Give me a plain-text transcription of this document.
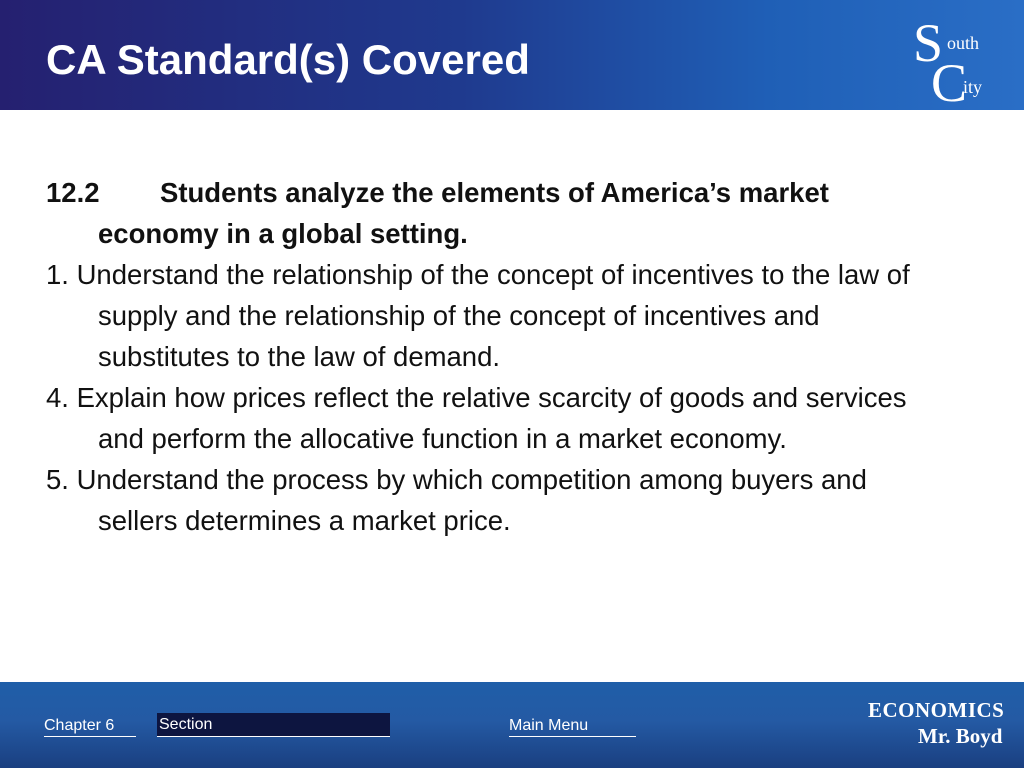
CA Standard(s) Covered	S outh
C
ity

12.2 Students analyze the elements of America’s market economy in a global setting.

1. Understand the relationship of the concept of incentives to the law of supply and the relationship of the concept of incentives and substitutes to the law of demand.

4. Explain how prices reflect the relative scarcity of goods and services and perform the allocative function in a market economy.

5. Understand the process by which competition among buyers and sellers determines a market price.

Chapter 6	Section	Main Menu
ECONOMICS
Mr. Boyd
